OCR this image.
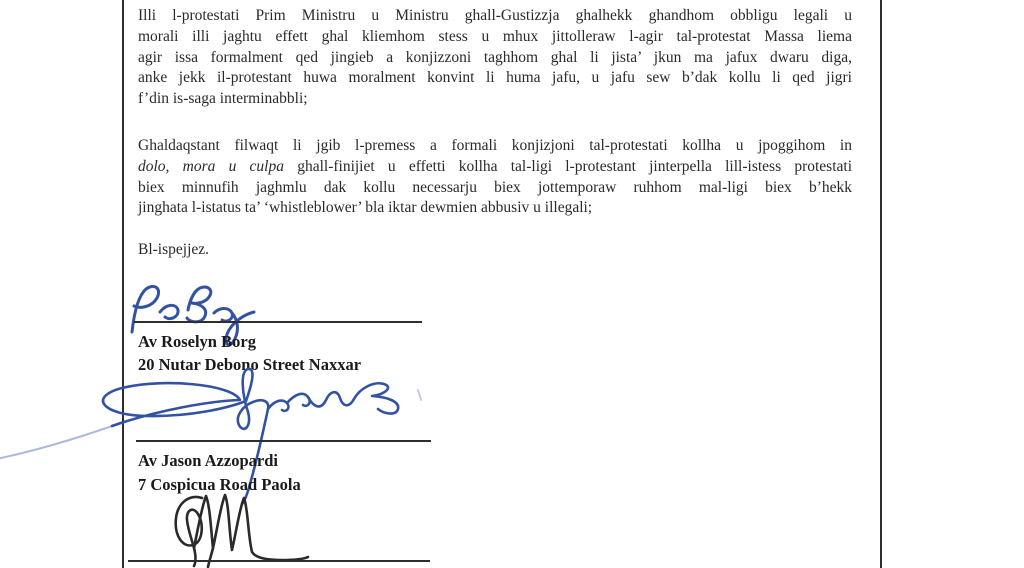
Illi l-protestati Prim Ministru u Ministru ghall-Gustizzja ghalhekk ghandhom obbligu legali u
morali illi jaghtu effett ghal kliemhom stess u mhux jittolleraw l-agir tal-protestat Massa liema
agir issa formalment qed jingieb a konjizzoni taghhom ghal li jista’ jkun ma jafux dwaru diga,
anke jekk il-protestant huwa moralment konvint li huma jafu, u jafu sew b’dak kollu li qed jigri
f’din is-saga interminabbli;
Ghaldaqstant filwaqt li jgib l-premess a formali konjizjoni tal-protestati kollha u jpoggihom in
dolo, mora u culpa ghall-finijiet u effetti kollha tal-ligi l-protestant jinterpella lill-istess protestati
biex minnufih jaghmlu dak kollu necessarju biex jottemporaw ruhhom mal-ligi biex b’hekk
jinghata l-istatus ta’ ‘whistleblower’ bla iktar dewmien abbusiv u illegali;
Bl-ispejjez.
Av Roselyn Borg
20 Nutar Debono Street Naxxar
Av Jason Azzopardi
7 Cospicua Road Paola
